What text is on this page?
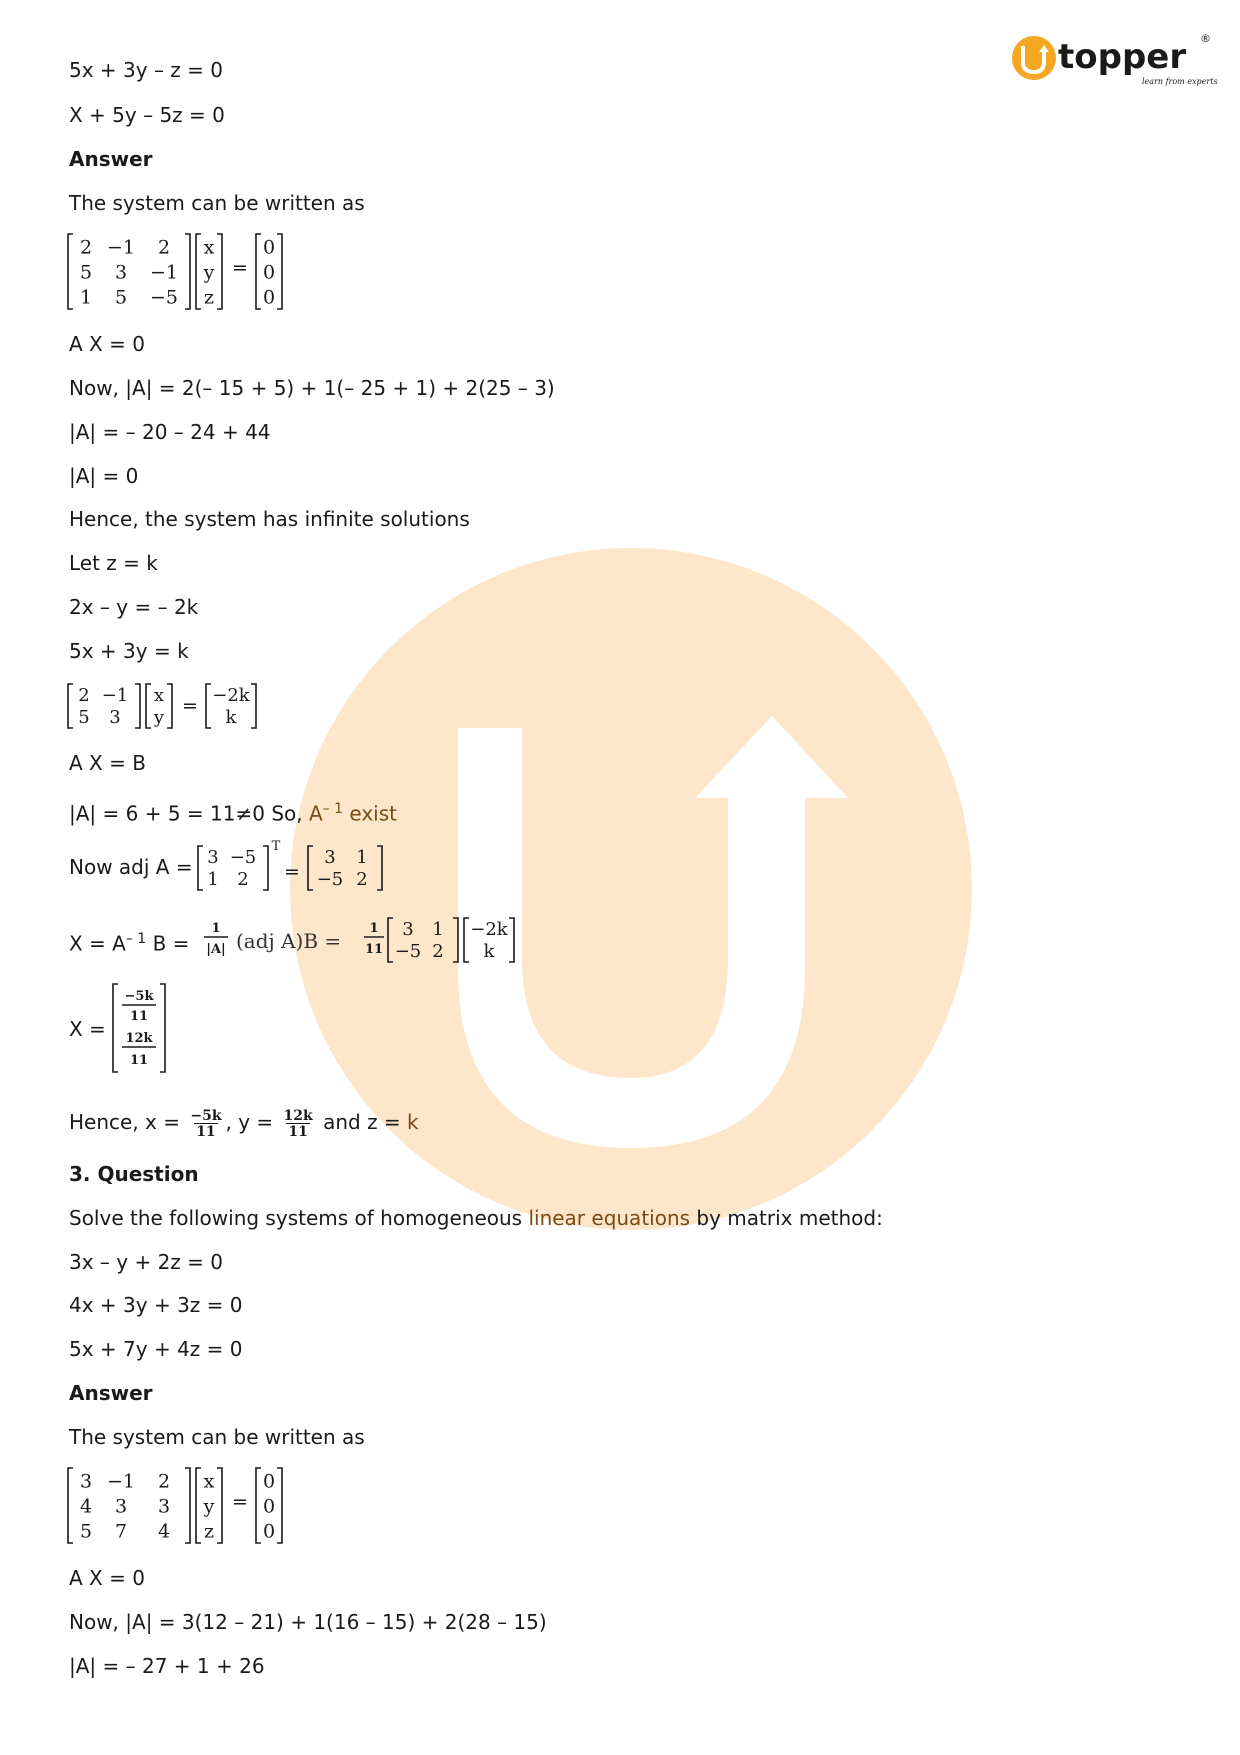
topper ®
learn from experts
5x + 3y – z = 0
X + 5y – 5z = 0
Answer
The system can be written as
2
5
1
−1
3
5
2
−1
−5
x
y
z
=
0
0
0
A X = 0
Now, |A| = 2(– 15 + 5) + 1(– 25 + 1) + 2(25 – 3)
|A| = – 20 – 24 + 44
|A| = 0
Hence, the system has infinite solutions
Let z = k
2x – y = – 2k
5x + 3y = k
2
5
−1
3
x
y
= −2k
k
A X = B
|A| = 6 + 5 = 11≠0 So, $A^{- 1}$ exist
Now adj A = 3
1
−5
2
T
=
3
−5
1
2
$X = A^{- 1}$ B =
1
|A| (adj A)B =
1
11
3
−5
1
2
−2k
k
X =
−5k
11
12k
11
Hence, $x = \frac{-5k}{11}$ , $y = \frac{12k}{11}$ and z = k
3. Question
Solve the following systems of homogeneous linear equations by matrix method:
3x – y + 2z = 0
4x + 3y + 3z = 0
5x + 7y + 4z = 0
Answer
The system can be written as
3
4
5
−1
3
7
2
3
4
x
y
z
=
0
0
0
A X = 0
Now, |A| = 3(12 – 21) + 1(16 – 15) + 2(28 – 15)
|A| = – 27 + 1 + 26
